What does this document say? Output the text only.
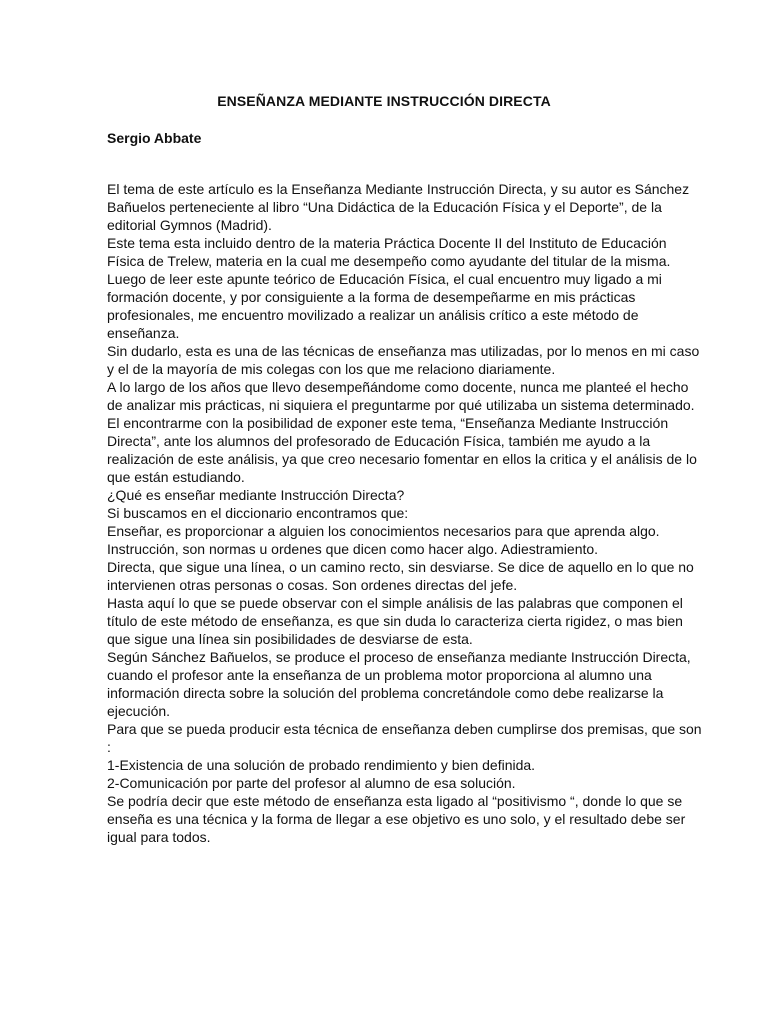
ENSEÑANZA MEDIANTE INSTRUCCIÓN DIRECTA
Sergio Abbate

El tema de este artículo es la Enseñanza Mediante Instrucción Directa, y su autor es Sánchez Bañuelos perteneciente al libro “Una Didáctica de la Educación Física y el Deporte”, de la editorial Gymnos (Madrid).

Este tema esta incluido dentro de la materia Práctica Docente II del Instituto de Educación Física de Trelew, materia en la cual me desempeño como ayudante del titular de la misma.

Luego de leer este apunte teórico de Educación Física, el cual encuentro muy ligado a mi formación docente, y por consiguiente a la forma de desempeñarme en mis prácticas profesionales, me encuentro movilizado a realizar un análisis crítico a este método de enseñanza.

Sin dudarlo, esta es una de las técnicas de enseñanza mas utilizadas, por lo menos en mi caso y el de la mayoría de mis colegas con los que me relaciono diariamente.

A lo largo de los años que llevo desempeñándome como docente, nunca me planteé el hecho de analizar mis prácticas, ni siquiera el preguntarme por qué utilizaba un sistema determinado.

El encontrarme con la posibilidad de exponer este tema, “Enseñanza Mediante Instrucción Directa”, ante los alumnos del profesorado de Educación Física, también me ayudo a la realización de este análisis, ya que creo necesario fomentar en ellos la critica y el análisis de lo que están estudiando.

¿Qué es enseñar mediante Instrucción Directa?

Si buscamos en el diccionario encontramos que:

Enseñar, es proporcionar a alguien los conocimientos necesarios para que aprenda algo.

Instrucción, son normas u ordenes que dicen como hacer algo. Adiestramiento.

Directa, que sigue una línea, o un camino recto, sin desviarse. Se dice de aquello en lo que no intervienen otras personas o cosas. Son ordenes directas del jefe.

Hasta aquí lo que se puede observar con el simple análisis de las palabras que componen el título de este método de enseñanza, es que sin duda lo caracteriza cierta rigidez, o mas bien que sigue una línea sin posibilidades de desviarse de esta.

Según Sánchez Bañuelos, se produce el proceso de enseñanza mediante Instrucción Directa, cuando el profesor ante la enseñanza de un problema motor proporciona al alumno una información directa sobre la solución del problema concretándole como debe realizarse la ejecución.

Para que se pueda producir esta técnica de enseñanza deben cumplirse dos premisas, que son :

1-Existencia de una solución de probado rendimiento y bien definida.

2-Comunicación por parte del profesor al alumno de esa solución.

Se podría decir que este método de enseñanza esta ligado al “positivismo “, donde lo que se enseña es una técnica y la forma de llegar a ese objetivo es uno solo, y el resultado debe ser igual para todos.
